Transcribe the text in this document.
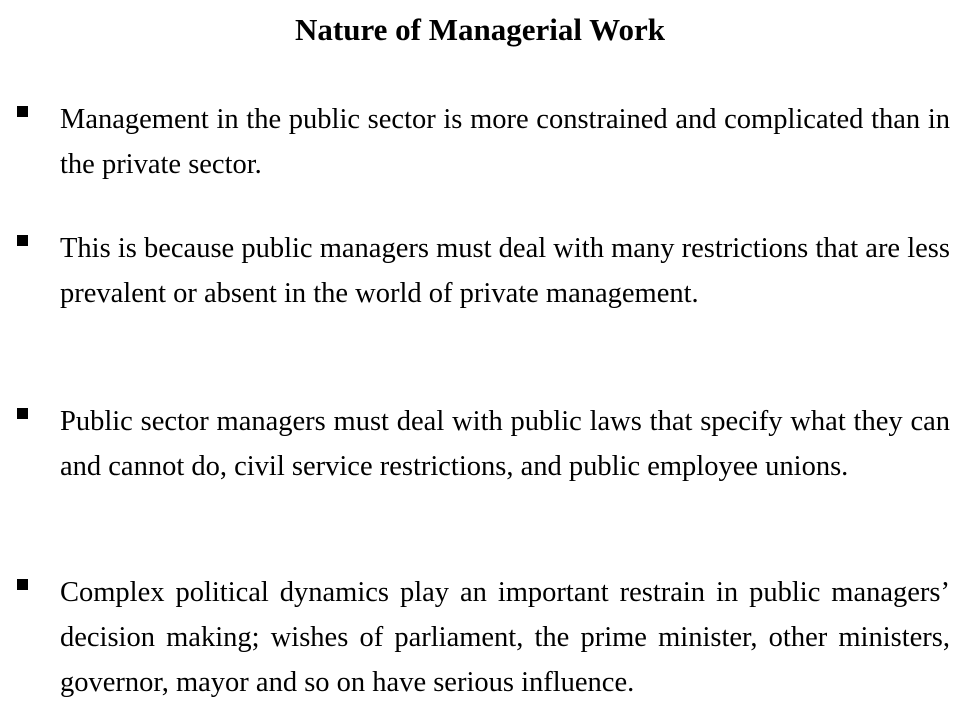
Nature of Managerial Work

Management in the public sector is more constrained and complicated than in the private sector.

This is because public managers must deal with many restrictions that are less prevalent or absent in the world of private management.

Public sector managers must deal with public laws that specify what they can and cannot do, civil service restrictions, and public employee unions.

Complex political dynamics play an important restrain in public managers’ decision making; wishes of parliament, the prime minister, other ministers, governor, mayor and so on have serious influence.
